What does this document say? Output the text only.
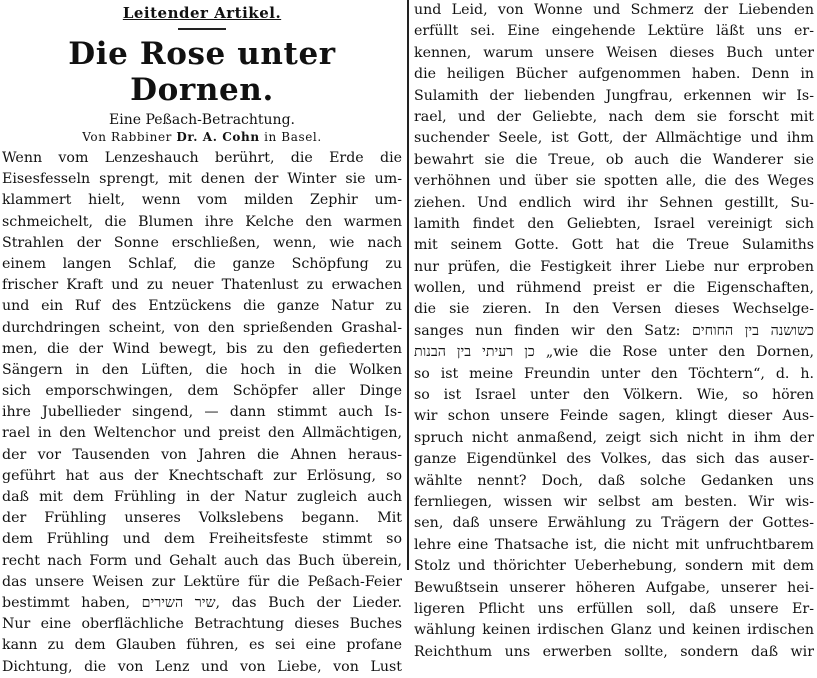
Leitender Artikel.
Die Rose unter Dornen.
Eine Peßach-Betrachtung.
Von Rabbiner Dr. A. Cohn in Basel.
Wenn vom Lenzeshauch berührt, die Erde die
Eisesfesseln sprengt, mit denen der Winter sie um-
klammert hielt, wenn vom milden Zephir um-
schmeichelt, die Blumen ihre Kelche den warmen
Strahlen der Sonne erschließen, wenn, wie nach
einem langen Schlaf, die ganze Schöpfung zu
frischer Kraft und zu neuer Thatenlust zu erwachen
und ein Ruf des Entzückens die ganze Natur zu
durchdringen scheint, von den sprießenden Grashal-
men, die der Wind bewegt, bis zu den gefiederten
Sängern in den Lüften, die hoch in die Wolken
sich emporschwingen, dem Schöpfer aller Dinge
ihre Jubellieder singend, — dann stimmt auch Is-
rael in den Weltenchor und preist den Allmächtigen,
der vor Tausenden von Jahren die Ahnen heraus-
geführt hat aus der Knechtschaft zur Erlösung, so
daß mit dem Frühling in der Natur zugleich auch
der Frühling unseres Volkslebens begann. Mit
dem Frühling und dem Freiheitsfeste stimmt so
recht nach Form und Gehalt auch das Buch überein,
das unsere Weisen zur Lektüre für die Peßach-Feier
bestimmt haben, שיר השירים, das Buch der Lieder.
Nur eine oberflächliche Betrachtung dieses Buches
kann zu dem Glauben führen, es sei eine profane
Dichtung, die von Lenz und von Liebe, von Lust
und Leid, von Wonne und Schmerz der Liebenden
erfüllt sei. Eine eingehende Lektüre läßt uns er-
kennen, warum unsere Weisen dieses Buch unter
die heiligen Bücher aufgenommen haben. Denn in
Sulamith der liebenden Jungfrau, erkennen wir Is-
rael, und der Geliebte, nach dem sie forscht mit
suchender Seele, ist Gott, der Allmächtige und ihm
bewahrt sie die Treue, ob auch die Wanderer sie
verhöhnen und über sie spotten alle, die des Weges
ziehen. Und endlich wird ihr Sehnen gestillt, Su-
lamith findet den Geliebten, Israel vereinigt sich
mit seinem Gotte. Gott hat die Treue Sulamiths
nur prüfen, die Festigkeit ihrer Liebe nur erproben
wollen, und rühmend preist er die Eigenschaften,
die sie zieren. In den Versen dieses Wechselge-
sanges nun finden wir den Satz: כשושנה בין החוחים
כן רעיתי בין הבנות „wie die Rose unter den Dornen,
so ist meine Freundin unter den Töchtern“, d. h.
so ist Israel unter den Völkern. Wie, so hören
wir schon unsere Feinde sagen, klingt dieser Aus-
spruch nicht anmaßend, zeigt sich nicht in ihm der
ganze Eigendünkel des Volkes, das sich das auser-
wählte nennt? Doch, daß solche Gedanken uns
fernliegen, wissen wir selbst am besten. Wir wis-
sen, daß unsere Erwählung zu Trägern der Gottes-
lehre eine Thatsache ist, die nicht mit unfruchtbarem
Stolz und thörichter Ueberhebung, sondern mit dem
Bewußtsein unserer höheren Aufgabe, unserer hei-
ligeren Pflicht uns erfüllen soll, daß unsere Er-
wählung keinen irdischen Glanz und keinen irdischen
Reichthum uns erwerben sollte, sondern daß wir
